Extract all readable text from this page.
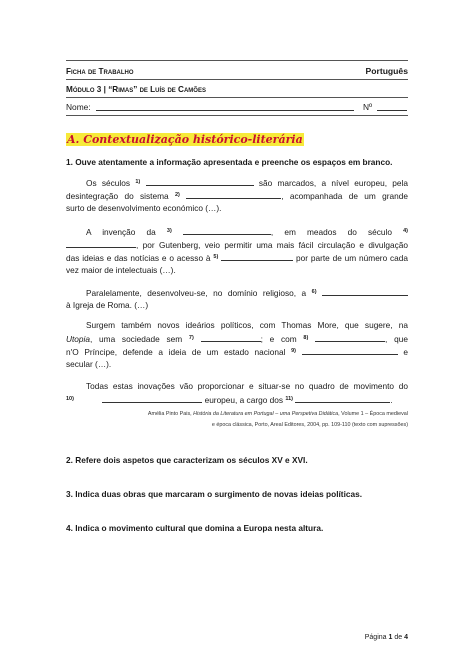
Ficha de Trabalho	Português
Módulo 3 | “Rimas” de Luís de Camões
Nome:	Nº
A. Contextualização histórico-literária
1. Ouve atentamente a informação apresentada e preenche os espaços em branco.
Os séculos $^{1)}$	são marcados, a nível europeu, pela
desintegração do sistema $^{2)}$	, acompanhada de um grande
surto de desenvolvimento económico (…).
A invenção da $^{3)}$	, em meados do século $^{4)}$
, por Gutenberg, veio permitir uma mais fácil circulação e divulgação
das ideias e das notícias e o acesso à $^{5)}$	por parte de um número cada
vez maior de intelectuais (…).
Paralelamente, desenvolveu-se, no domínio religioso, a $^{6)}$
à Igreja de Roma. (…)
Surgem também novos ideários políticos, com Thomas More, que sugere, na
Utopia, uma sociedade sem $^{7)}$	; e com $^{8)}$	, que
n'O Príncipe, defende a ideia de um estado nacional $^{9)}$	e
secular (…).
Todas estas inovações vão proporcionar e situar-se no quadro de movimento do
$^{10)}$	europeu, a cargo dos $^{11)}$	.
Amélia Pinto Pais, História da Literatura em Portugal – uma Perspetiva Didática, Volume 1 – Época medieval
e época clássica, Porto, Areal Editores, 2004, pp. 109-110 (texto com supressões)
2. Refere dois aspetos que caracterizam os séculos XV e XVI.
3. Indica duas obras que marcaram o surgimento de novas ideias políticas.
4. Indica o movimento cultural que domina a Europa nesta altura.
Página 1 de 4
